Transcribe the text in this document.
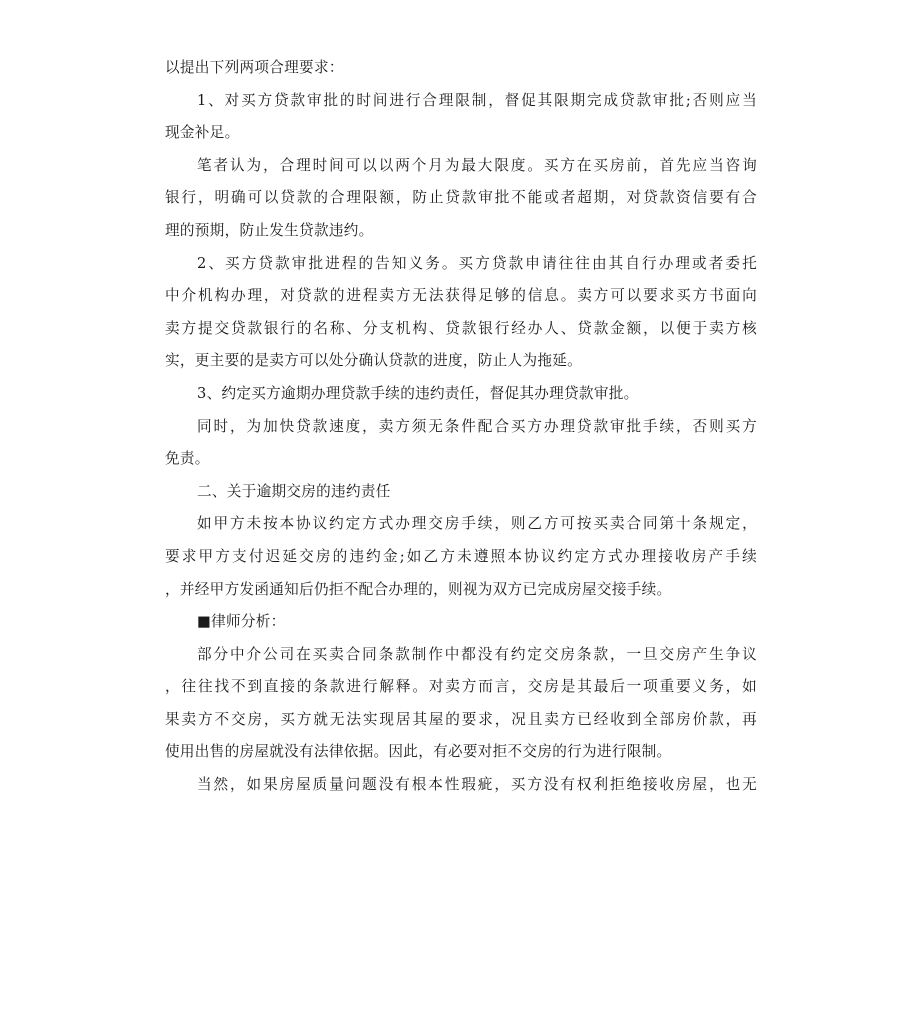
以提出下列两项合理要求：
1、对买方贷款审批的时间进行合理限制，督促其限期完成贷款审批;否则应当
现金补足。
笔者认为，合理时间可以以两个月为最大限度。买方在买房前，首先应当咨询
银行，明确可以贷款的合理限额，防止贷款审批不能或者超期，对贷款资信要有合
理的预期，防止发生贷款违约。
2、买方贷款审批进程的告知义务。买方贷款申请往往由其自行办理或者委托
中介机构办理，对贷款的进程卖方无法获得足够的信息。卖方可以要求买方书面向
卖方提交贷款银行的名称、分支机构、贷款银行经办人、贷款金额，以便于卖方核
实，更主要的是卖方可以处分确认贷款的进度，防止人为拖延。
3、约定买方逾期办理贷款手续的违约责任，督促其办理贷款审批。
同时，为加快贷款速度，卖方须无条件配合买方办理贷款审批手续，否则买方
免责。
二、关于逾期交房的违约责任
如甲方未按本协议约定方式办理交房手续，则乙方可按买卖合同第十条规定，
要求甲方支付迟延交房的违约金;如乙方未遵照本协议约定方式办理接收房产手续
，并经甲方发函通知后仍拒不配合办理的，则视为双方已完成房屋交接手续。
■律师分析：
部分中介公司在买卖合同条款制作中都没有约定交房条款，一旦交房产生争议
，往往找不到直接的条款进行解释。对卖方而言，交房是其最后一项重要义务，如
果卖方不交房，买方就无法实现居其屋的要求，况且卖方已经收到全部房价款，再
使用出售的房屋就没有法律依据。因此，有必要对拒不交房的行为进行限制。
当然，如果房屋质量问题没有根本性瑕疵，买方没有权利拒绝接收房屋，也无
